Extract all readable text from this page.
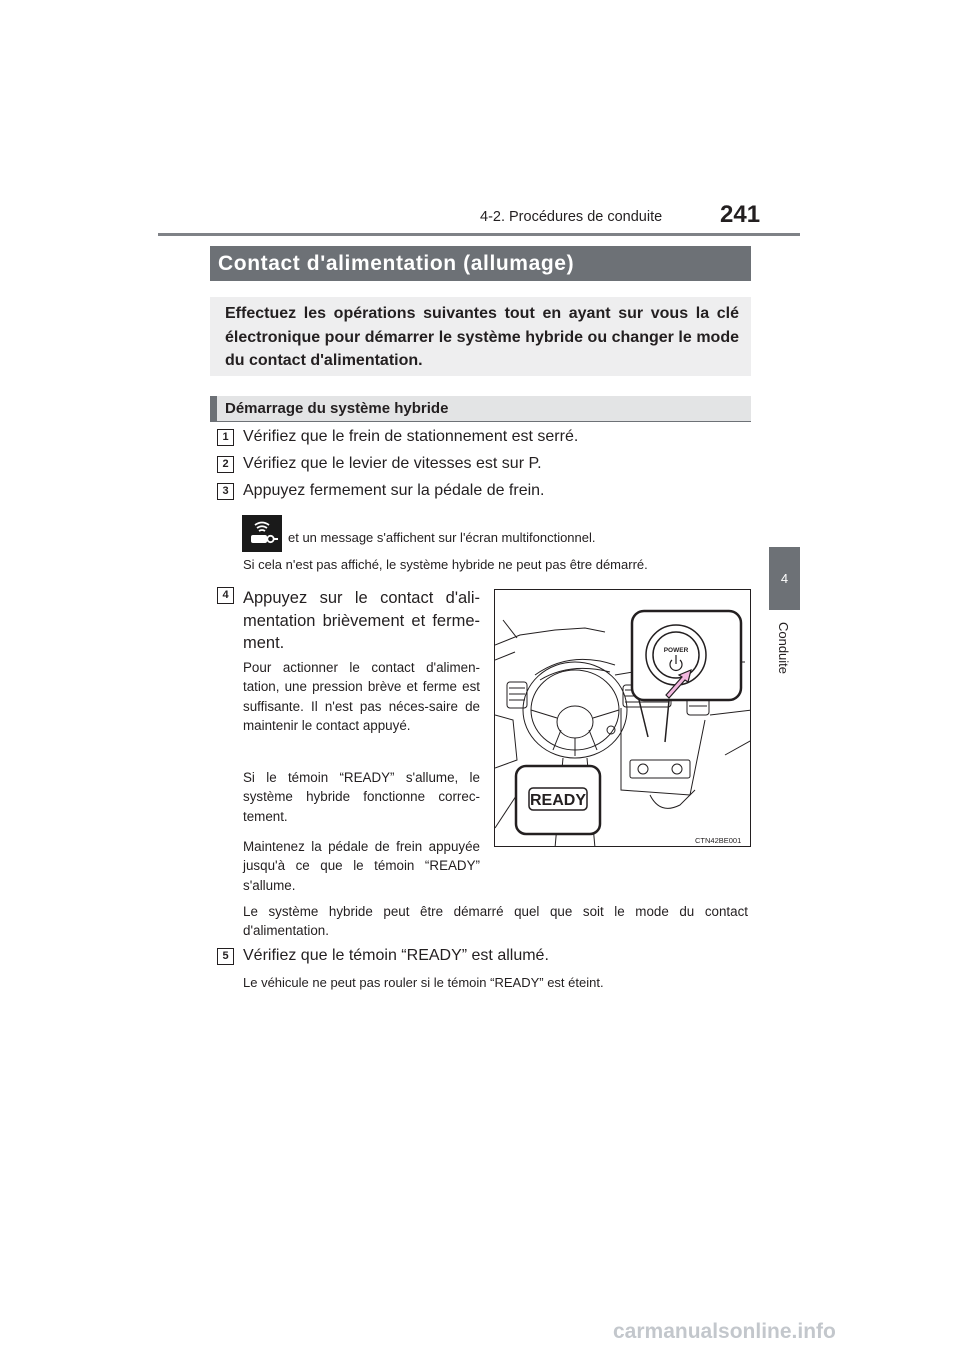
4-2. Procédures de conduite 241
4
Conduite
Contact d'alimentation (allumage)
Effectuez les opérations suivantes tout en ayant sur vous la clé électronique pour démarrer le système hybride ou changer le mode du contact d'alimentation.
Démarrage du système hybride
1 Vérifiez que le frein de stationnement est serré.
2 Vérifiez que le levier de vitesses est sur P.
3 Appuyez fermement sur la pédale de frein.
et un message s'affichent sur l'écran multifonctionnel.
Si cela n'est pas affiché, le système hybride ne peut pas être démarré.
4 Appuyez sur le contact d'ali-mentation brièvement et ferme-ment.
Pour actionner le contact d'alimen-tation, une pression brève et ferme est suffisante. Il n'est pas néces-saire de maintenir le contact appuyé.
Si le témoin “READY” s'allume, le système hybride fonctionne correc-tement.
Maintenez la pédale de frein appuyée jusqu'à ce que le témoin “READY” s'allume.
Le système hybride peut être démarré quel que soit le mode du contact d'alimentation.
READY
POWER
CTN42BE001
5 Vérifiez que le témoin “READY” est allumé.
Le véhicule ne peut pas rouler si le témoin “READY” est éteint.
carmanualsonline.info
